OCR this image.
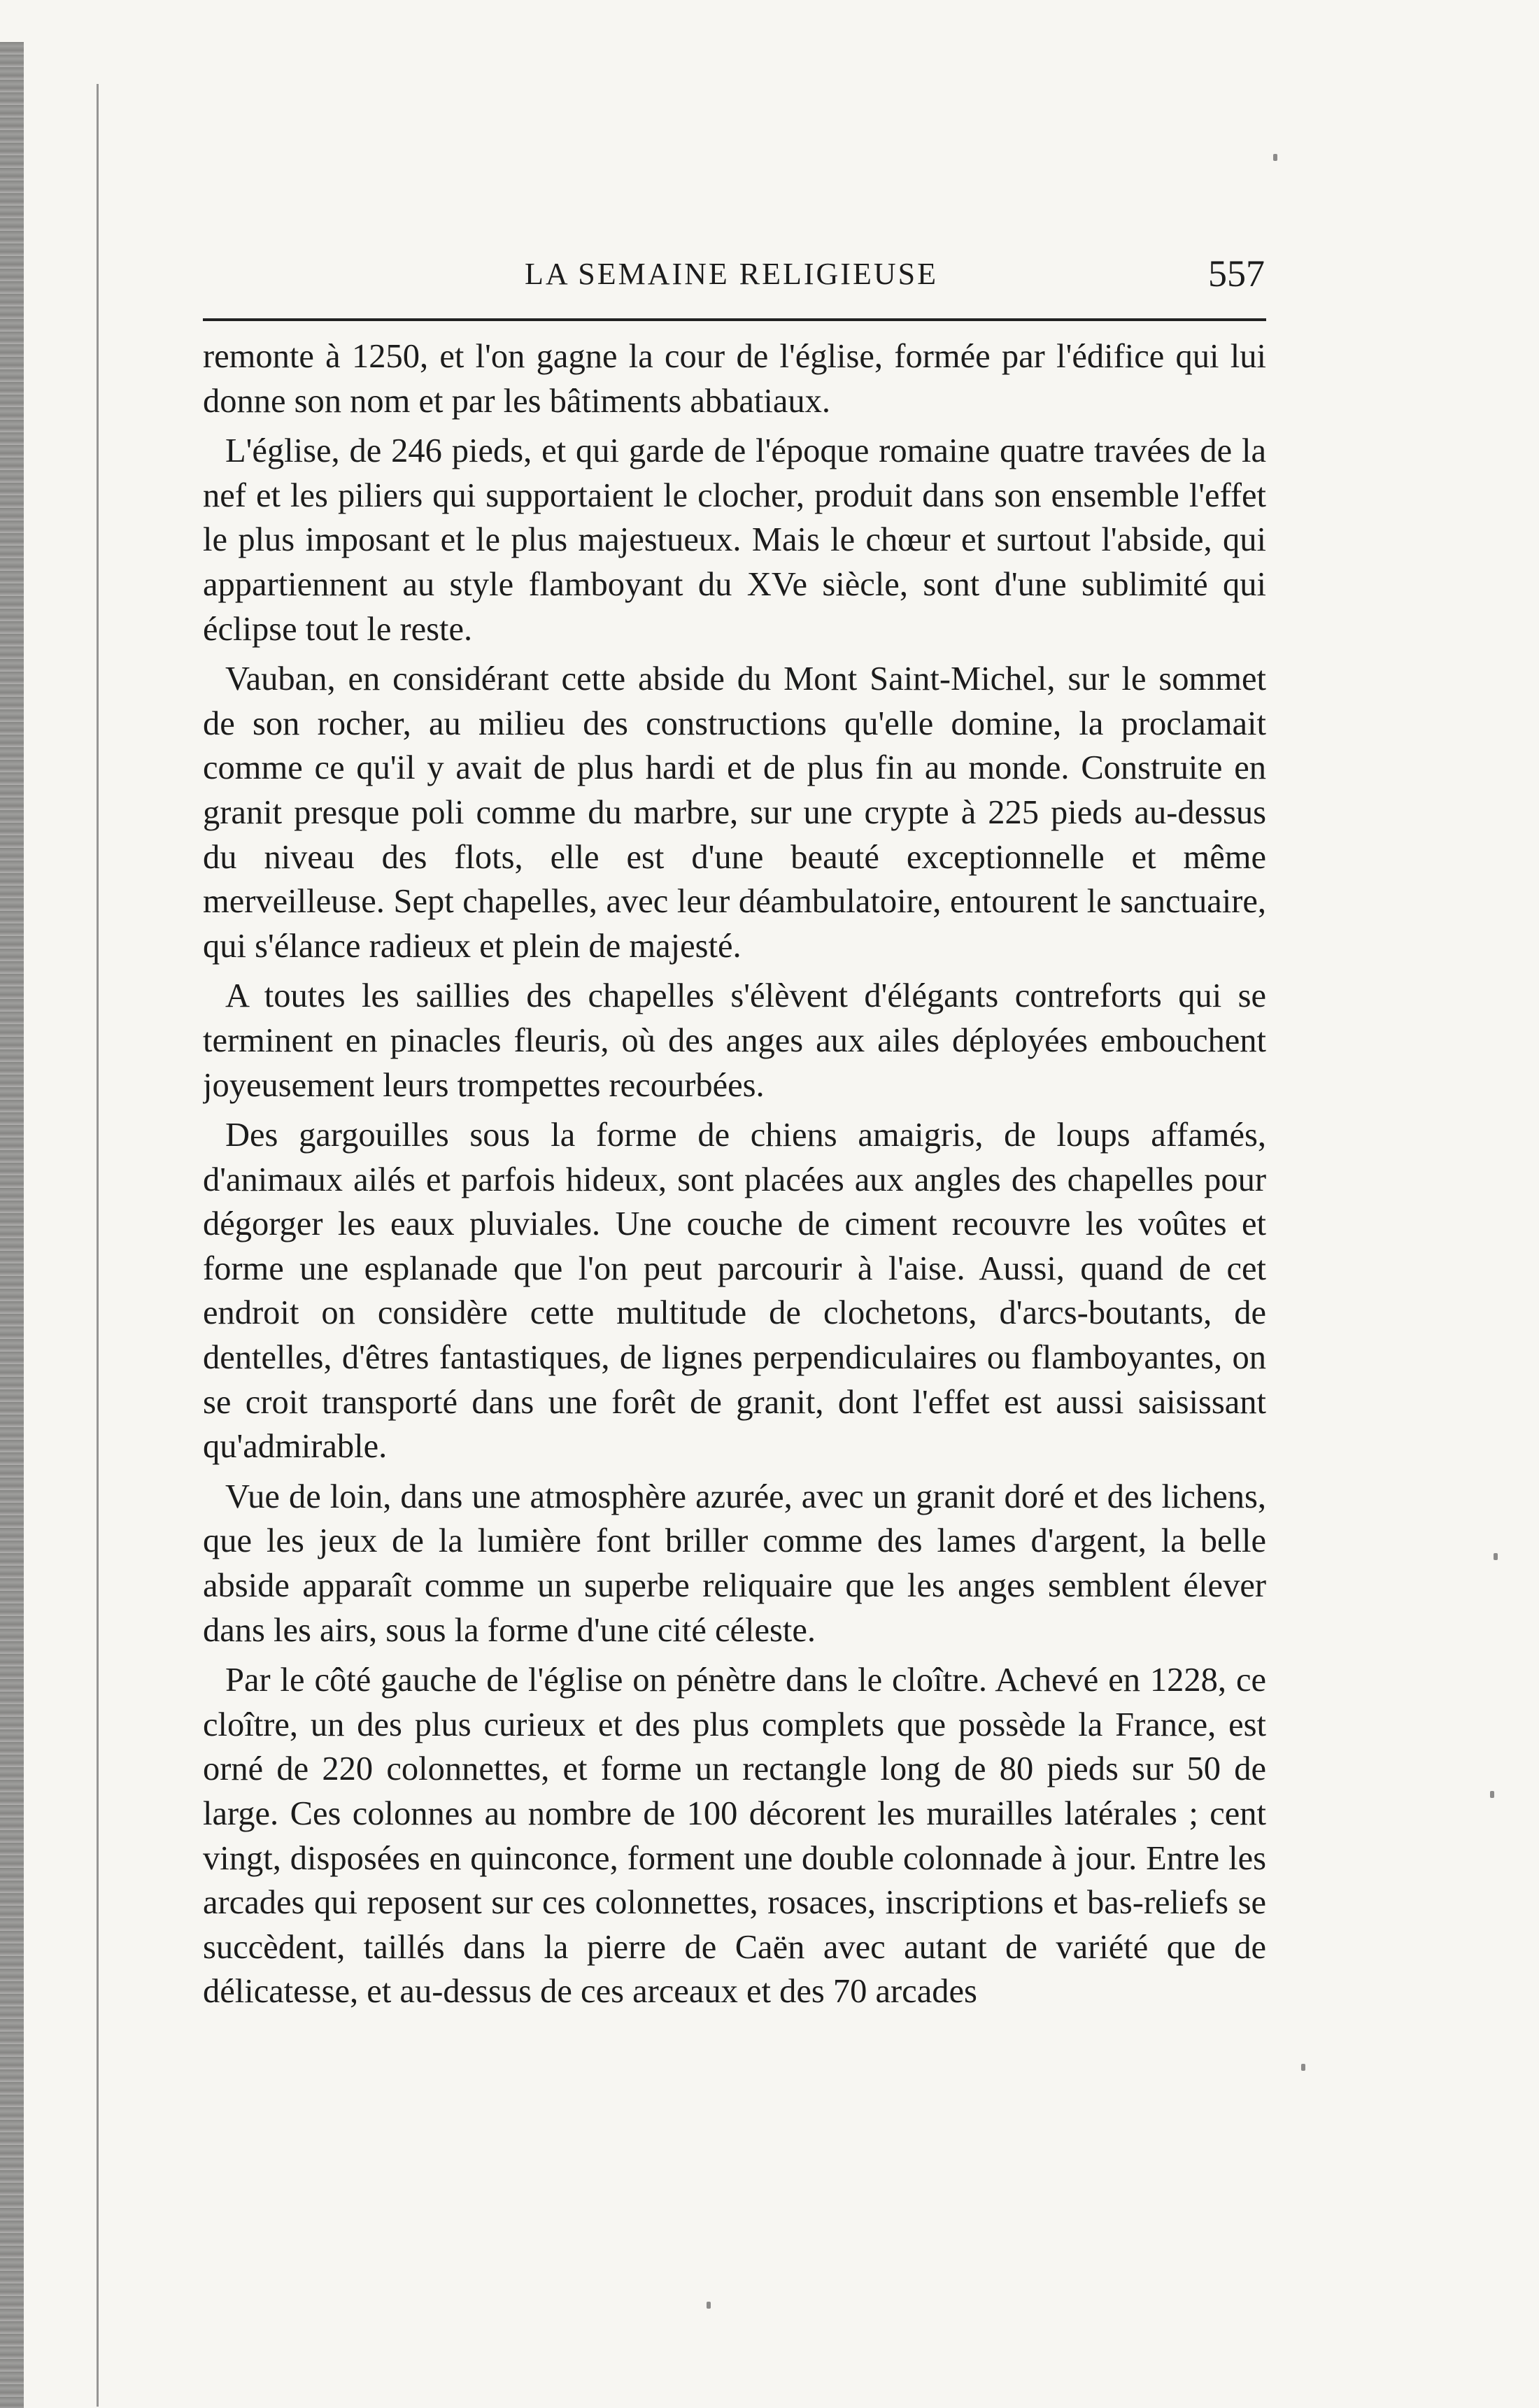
LA SEMAINE RELIGIEUSE	557

remonte à 1250, et l'on gagne la cour de l'église, formée par l'édifice qui lui donne son nom et par les bâtiments abbatiaux.

L'église, de 246 pieds, et qui garde de l'époque romaine quatre travées de la nef et les piliers qui supportaient le clocher, produit dans son ensemble l'effet le plus imposant et le plus majestueux. Mais le chœur et surtout l'abside, qui appartiennent au style flamboyant du XVe siècle, sont d'une sublimité qui éclipse tout le reste.

Vauban, en considérant cette abside du Mont Saint-Michel, sur le sommet de son rocher, au milieu des constructions qu'elle domine, la proclamait comme ce qu'il y avait de plus hardi et de plus fin au monde. Construite en granit presque poli comme du marbre, sur une crypte à 225 pieds au-dessus du niveau des flots, elle est d'une beauté exceptionnelle et même merveilleuse. Sept chapelles, avec leur déambulatoire, entourent le sanctuaire, qui s'élance radieux et plein de majesté.

A toutes les saillies des chapelles s'élèvent d'élégants contreforts qui se terminent en pinacles fleuris, où des anges aux ailes déployées embouchent joyeusement leurs trompettes recourbées.

Des gargouilles sous la forme de chiens amaigris, de loups affamés, d'animaux ailés et parfois hideux, sont placées aux angles des chapelles pour dégorger les eaux pluviales. Une couche de ciment recouvre les voûtes et forme une esplanade que l'on peut parcourir à l'aise. Aussi, quand de cet endroit on considère cette multitude de clochetons, d'arcs-boutants, de dentelles, d'êtres fantastiques, de lignes perpendiculaires ou flamboyantes, on se croit transporté dans une forêt de granit, dont l'effet est aussi saisissant qu'admirable.

Vue de loin, dans une atmosphère azurée, avec un granit doré et des lichens, que les jeux de la lumière font briller comme des lames d'argent, la belle abside apparaît comme un superbe reliquaire que les anges semblent élever dans les airs, sous la forme d'une cité céleste.

Par le côté gauche de l'église on pénètre dans le cloître. Achevé en 1228, ce cloître, un des plus curieux et des plus complets que possède la France, est orné de 220 colonnettes, et forme un rectangle long de 80 pieds sur 50 de large. Ces colonnes au nombre de 100 décorent les murailles latérales ; cent vingt, disposées en quinconce, forment une double colonnade à jour. Entre les arcades qui reposent sur ces colonnettes, rosaces, inscriptions et bas-reliefs se succèdent, taillés dans la pierre de Caën avec autant de variété que de délicatesse, et au-dessus de ces arceaux et des 70 arcades
